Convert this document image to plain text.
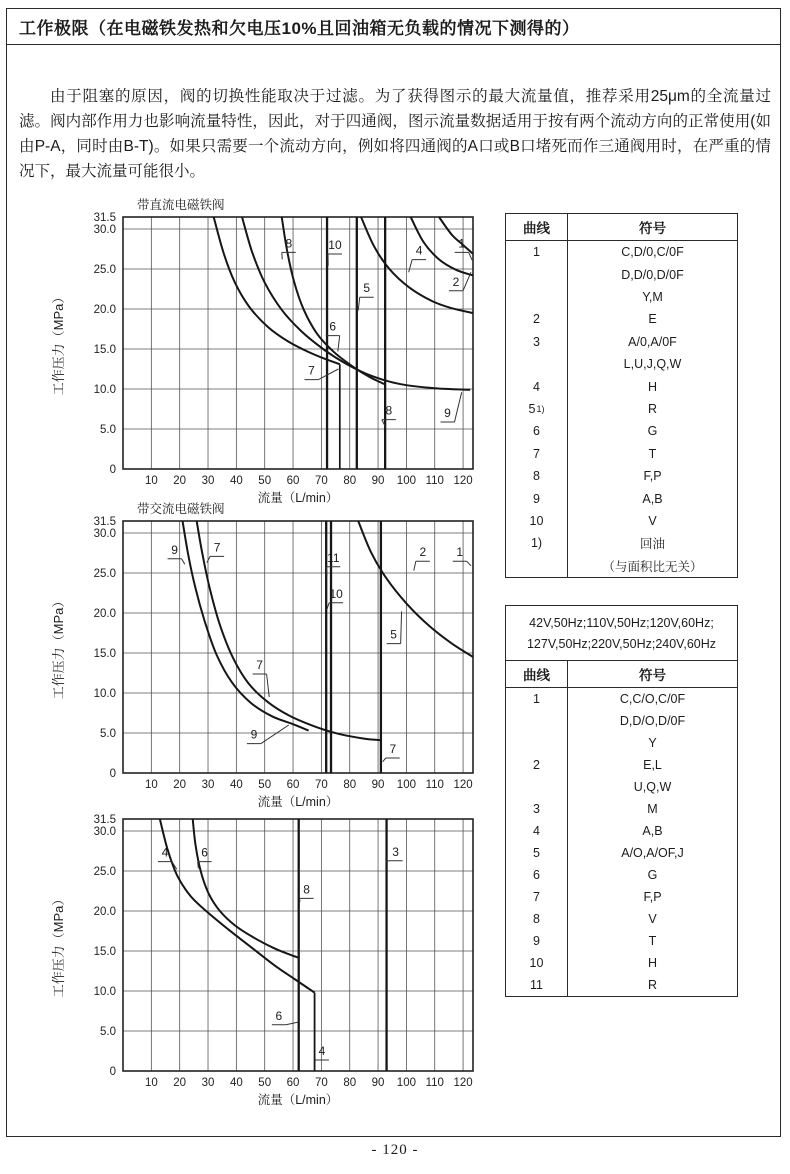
工作极限（在电磁铁发热和欠电压10%且回油箱无负载的情况下测得的）
由于阻塞的原因，阀的切换性能取决于过滤。为了获得图示的最大流量值，推荐采用25μm的全流量过滤。阀内部作用力也影响流量特性，因此，对于四通阀，图示流量数据适用于按有两个流动方向的正常使用(如由P-A，同时由B-T)。如果只需要一个流动方向，例如将四通阀的A口或B口堵死而作三通阀用时，在严重的情况下，最大流量可能很小。
10 20 30 40 50 60 70 80 90 100 110 120
0
5.0
10.0
15.0
20.0
25.0
30.0
31.5
流量（L/min）
工作压力（MPa）
带直流电磁铁阀
8	10	4
1
2
5
6
7
8	9
10 20 30 40 50 60 70 80 90 100 110 120
0
5.0
10.0
15.0
20.0
25.0
30.0
31.5
流量（L/min）
工作压力（MPa）
带交流电磁铁阀
9	7
11
10
2	1
5
7
9
7
10 20 30 40 50 60 70 80 90 100 110 120
0
5.0
10.0
15.0
20.0
25.0
30.0
31.5
流量（L/min）
工作压力（MPa）
4	6	3
8
6
4
曲线	符号
1	C,D/0,C/0F
D,D/0,D/0F
Y,M
2	E
3	A/0,A/0F
L,U,J,Q,W
4	H
5 1)	R
6	G
7	T
8	F,P
9	A,B
10	V
1)	回油
（与面积比无关）
42V,50Hz;110V,50Hz;120V,60Hz;
127V,50Hz;220V,50Hz;240V,60Hz
曲线	符号
1	C,C/O,C/0F
D,D/O,D/0F
Y
2	E,L
U,Q,W
3	M
4	A,B
5	A/O,A/OF,J
6	G
7	F,P
8	V
9	T
10	H
11	R
- 120 -
